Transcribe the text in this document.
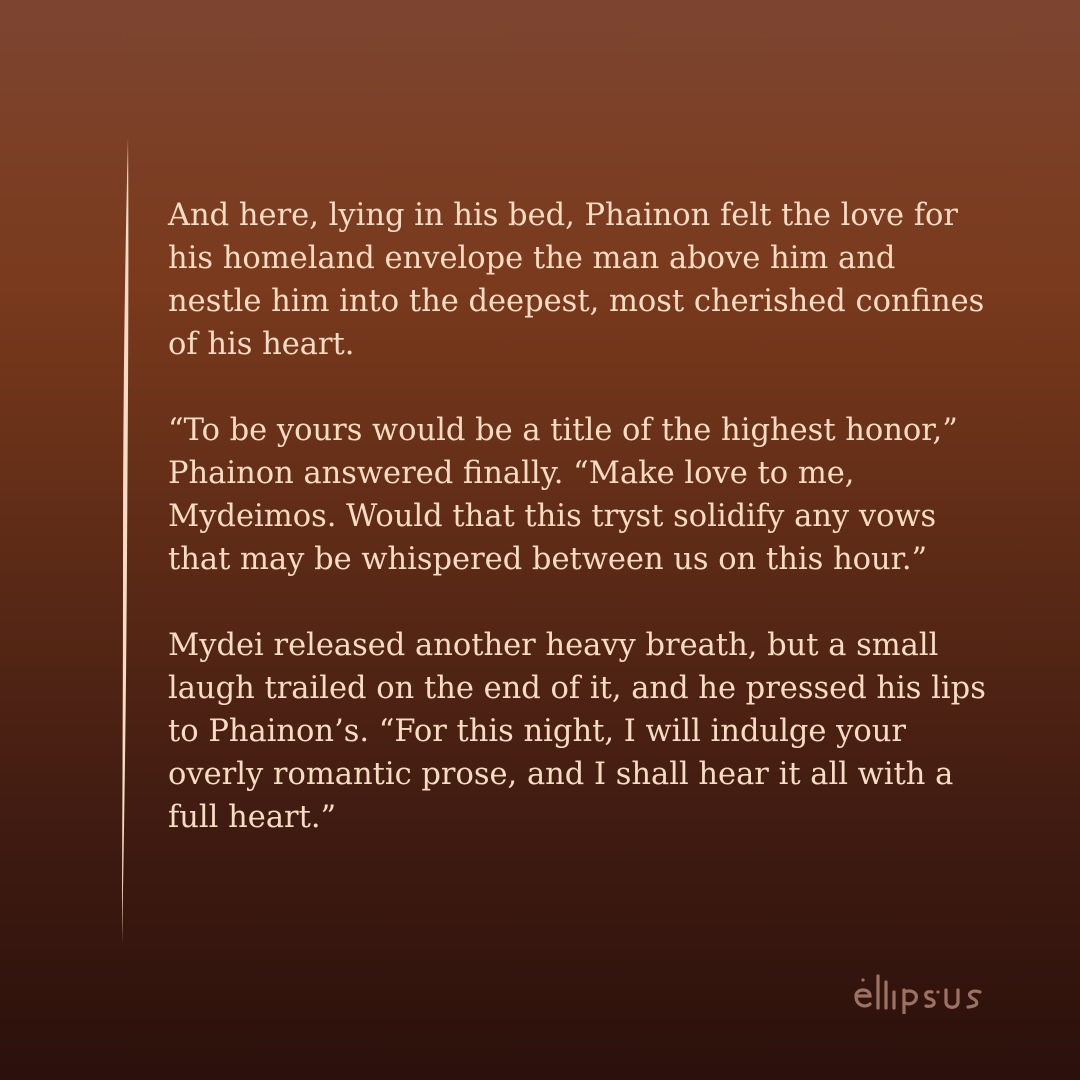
And here, lying in his bed, Phainon felt the love for his homeland envelope the man above him and nestle him into the deepest, most cherished confines of his heart.

“To be yours would be a title of the highest honor,” Phainon answered finally. “Make love to me, Mydeimos. Would that this tryst solidify any vows that may be whispered between us on this hour.”

Mydei released another heavy breath, but a small laugh trailed on the end of it, and he pressed his lips to Phainon’s. “For this night, I will indulge your overly romantic prose, and I shall hear it all with a full heart.”
